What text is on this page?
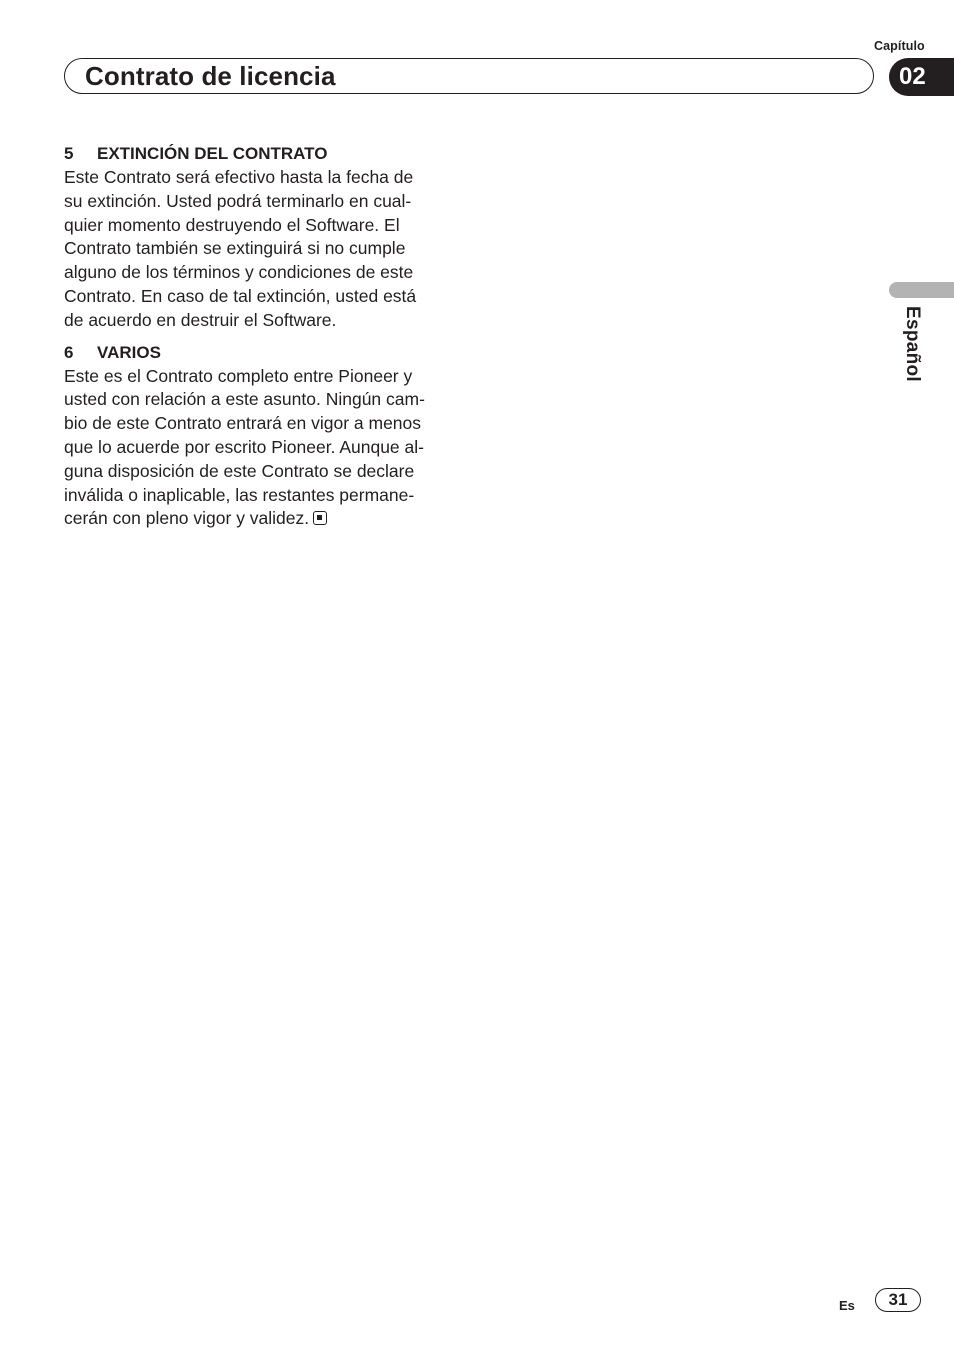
Capítulo
Contrato de licencia	02
Español
5	EXTINCIÓN DEL CONTRATO

Este Contrato será efectivo hasta la fecha de
su extinción. Usted podrá terminarlo en cual-
quier momento destruyendo el Software. El
Contrato también se extinguirá si no cumple
alguno de los términos y condiciones de este
Contrato. En caso de tal extinción, usted está
de acuerdo en destruir el Software.

6	VARIOS

Este es el Contrato completo entre Pioneer y
usted con relación a este asunto. Ningún cam-
bio de este Contrato entrará en vigor a menos
que lo acuerde por escrito Pioneer. Aunque al-
guna disposición de este Contrato se declare
inválida o inaplicable, las restantes permane-
cerán con pleno vigor y validez.

Es	31
